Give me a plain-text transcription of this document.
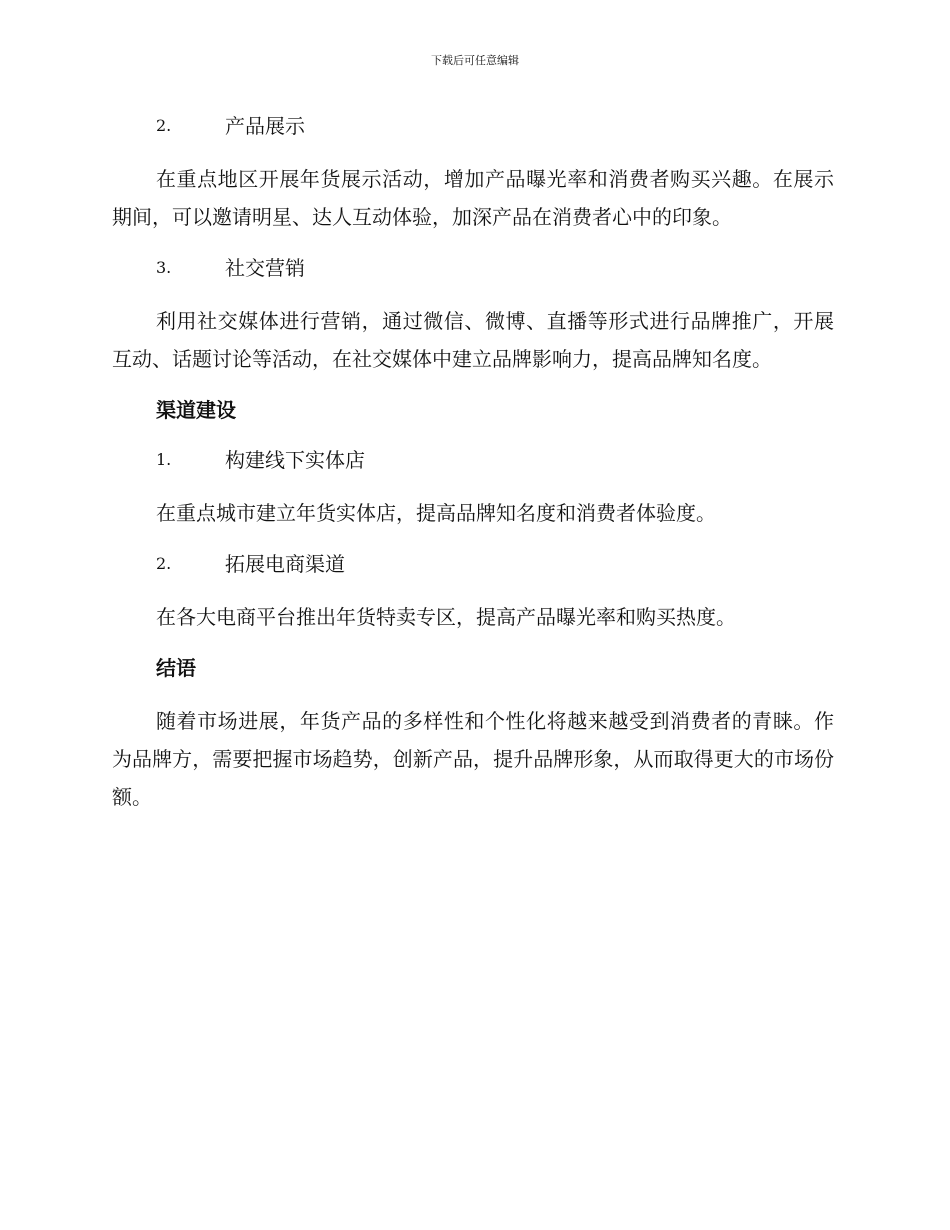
下载后可任意编辑
2.	产品展示

在重点地区开展年货展示活动，增加产品曝光率和消费者购买兴趣。在展示期间，可以邀请明星、达人互动体验，加深产品在消费者心中的印象。

3.	社交营销

利用社交媒体进行营销，通过微信、微博、直播等形式进行品牌推广，开展互动、话题讨论等活动，在社交媒体中建立品牌影响力，提高品牌知名度。

渠道建设
1.	构建线下实体店

在重点城市建立年货实体店，提高品牌知名度和消费者体验度。

2.	拓展电商渠道

在各大电商平台推出年货特卖专区，提高产品曝光率和购买热度。

结语

随着市场进展，年货产品的多样性和个性化将越来越受到消费者的青睐。作为品牌方，需要把握市场趋势，创新产品，提升品牌形象，从而取得更大的市场份额。
